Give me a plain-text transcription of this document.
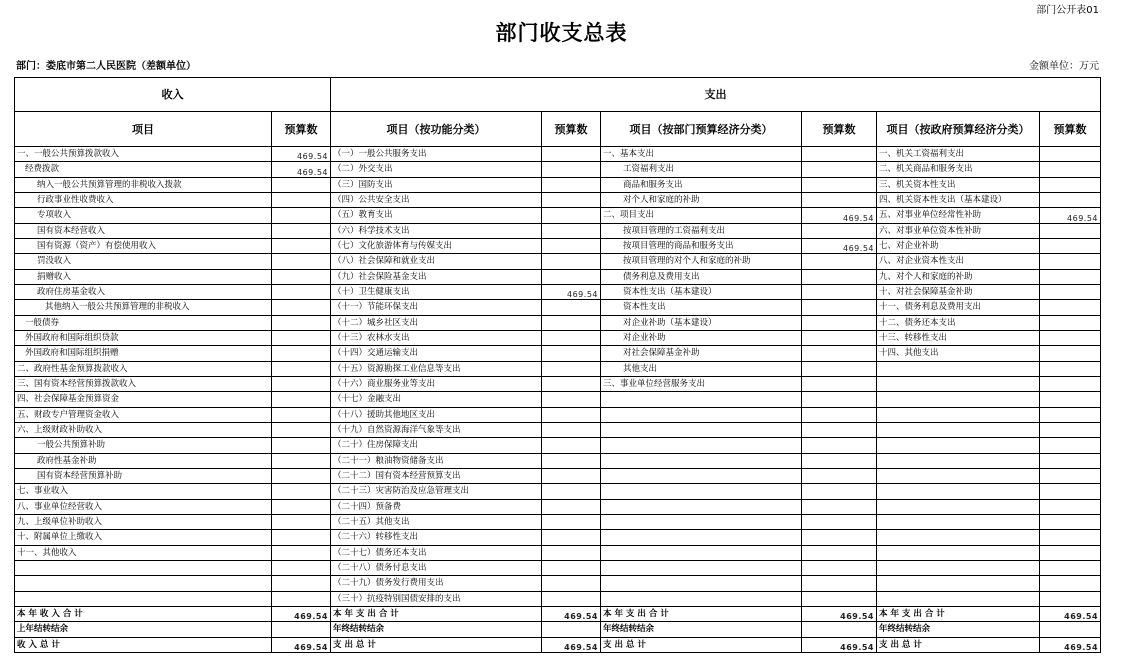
部门公开表01
部门收支总表
部门：娄底市第二人民医院（差额单位）	金额单位：万元
收入		支出					
项目	预算数	项目（按功能分类）	预算数	项目（按部门预算经济分类）	预算数	项目（按政府预算经济分类）	预算数
一、一般公共预算拨款收入	469.54	（一）一般公共服务支出		一、基本支出		一、机关工资福利支出	
经费拨款	469.54	（二）外交支出		工资福利支出		二、机关商品和服务支出	
纳入一般公共预算管理的非税收入拨款		（三）国防支出		商品和服务支出		三、机关资本性支出	
行政事业性收费收入		（四）公共安全支出		对个人和家庭的补助		四、机关资本性支出（基本建设）	
专项收入		（五）教育支出		二、项目支出	469.54	五、对事业单位经常性补助	469.54
国有资本经营收入		（六）科学技术支出		按项目管理的工资福利支出		六、对事业单位资本性补助	
国有资源（资产）有偿使用收入		（七）文化旅游体育与传媒支出		按项目管理的商品和服务支出	469.54	七、对企业补助	
罚没收入		（八）社会保障和就业支出		按项目管理的对个人和家庭的补助		八、对企业资本性支出	
捐赠收入		（九）社会保险基金支出		债务利息及费用支出		九、对个人和家庭的补助	
政府住房基金收入		（十）卫生健康支出	469.54	资本性支出（基本建设）		十、对社会保障基金补助	
其他纳入一般公共预算管理的非税收入		（十一）节能环保支出		资本性支出		十一、债务利息及费用支出	
一般债券		（十二）城乡社区支出		对企业补助（基本建设）		十二、债务还本支出	
外国政府和国际组织贷款		（十三）农林水支出		对企业补助		十三、转移性支出	
外国政府和国际组织捐赠		（十四）交通运输支出		对社会保障基金补助		十四、其他支出	
二、政府性基金预算拨款收入		（十五）资源勘探工业信息等支出		其他支出			
三、国有资本经营预算拨款收入		（十六）商业服务业等支出		三、事业单位经营服务支出			
四、社会保障基金预算资金		（十七）金融支出					
五、财政专户管理资金收入		（十八）援助其他地区支出					
六、上级财政补助收入		（十九）自然资源海洋气象等支出					
一般公共预算补助		（二十）住房保障支出					
政府性基金补助		（二十一）粮油物资储备支出					
国有资本经营预算补助		（二十二）国有资本经营预算支出					
七、事业收入		（二十三）灾害防治及应急管理支出					
八、事业单位经营收入		（二十四）预备费					
九、上级单位补助收入		（二十五）其他支出					
十、附属单位上缴收入		（二十六）转移性支出					
十一、其他收入		（二十七）债务还本支出					
		（二十八）债务付息支出					
		（二十九）债务发行费用支出					
		（三十）抗疫特别国债安排的支出					
本 年 收 入 合 计	469.54	本 年 支 出 合 计	469.54	本 年 支 出 合 计	469.54	本 年 支 出 合 计	469.54
上年结转结余		年终结转结余		年终结转结余		年终结转结余	
收 入 总 计	469.54	支 出 总 计	469.54	支 出 总 计	469.54	支 出 总 计	469.54
